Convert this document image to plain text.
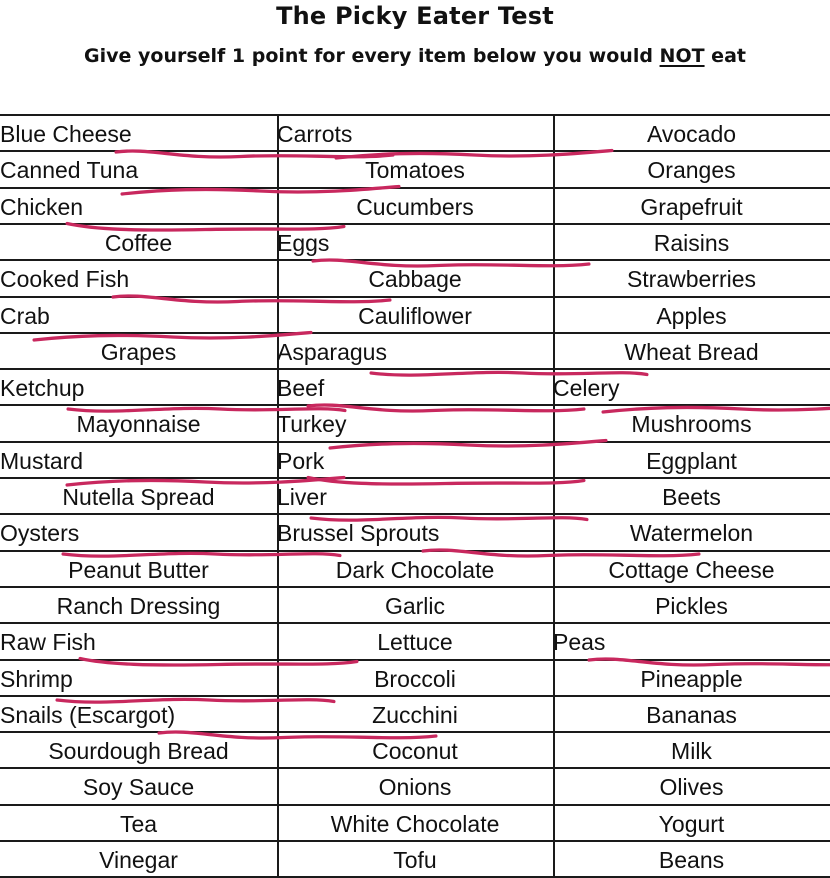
The Picky Eater Test
Give yourself 1 point for every item below you would NOT eat
Blue Cheese
Canned Tuna
Chicken
Coffee
Cooked Fish
Crab
Grapes
Ketchup
Mayonnaise
Mustard
Nutella Spread
Oysters
Peanut Butter
Ranch Dressing
Raw Fish
Shrimp
Snails (Escargot)
Sourdough Bread
Soy Sauce
Tea
Vinegar
Carrots
Tomatoes
Cucumbers
Eggs
Cabbage
Cauliflower
Asparagus
Beef
Turkey
Pork
Liver
Brussel Sprouts
Dark Chocolate
Garlic
Lettuce
Broccoli
Zucchini
Coconut
Onions
White Chocolate
Tofu
Avocado
Oranges
Grapefruit
Raisins
Strawberries
Apples
Wheat Bread
Celery
Mushrooms
Eggplant
Beets
Watermelon
Cottage Cheese
Pickles
Peas
Pineapple
Bananas
Milk
Olives
Yogurt
Beans
